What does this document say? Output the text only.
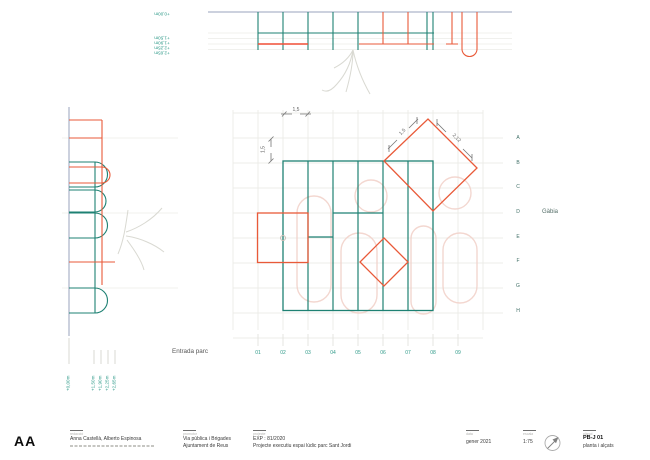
+0,00m
+1,50m
+1,90m
+2,25m
+2,65m
+0,00m	+1,50m +1,90m +2,25m +2,65m
1,5
1,5
1,5
2,12	A
B
C
D
E
F
G
H
Gàbia
01	02	03	04	05	06	07	08	09
Entrada parc
AA	redacció
Anna Castellà, Alberto Espinosa
promotor
Via pública i Brigades
Ajuntament de Reus
projecte
EXP : 81/2020
Projecte executiu espai lúdic parc Sant Jordi
data
gener 2021
escala
1:75
plànol
PB-J 01
planta i alçats
